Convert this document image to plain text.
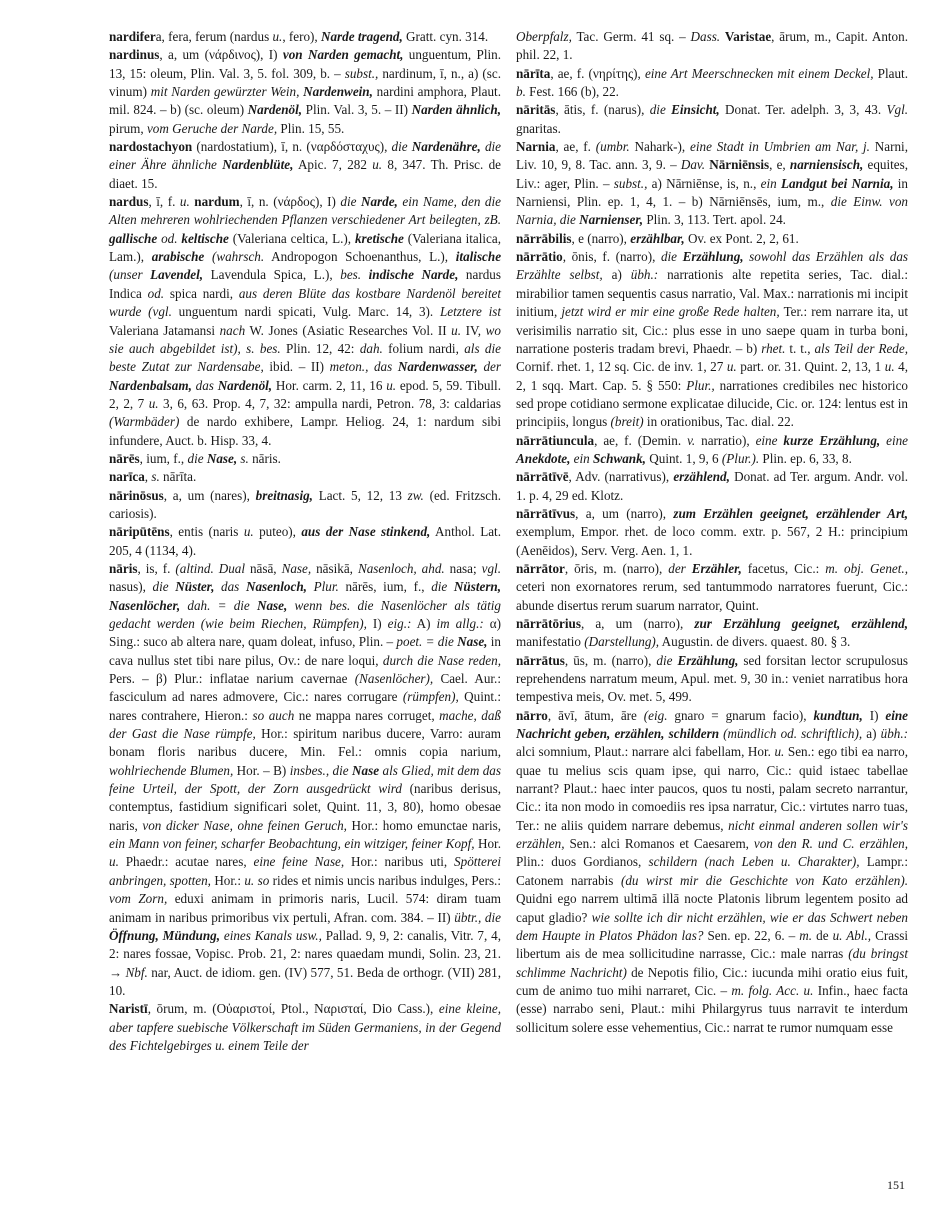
nardifera, fera, ferum (nardus u., fero), Narde tragend, Gratt. cyn. 314.

nardinus, a, um (νάρδινος), I) von Narden gemacht, unguentum, Plin. 13, 15: oleum, Plin. Val. 3, 5. fol. 309, b. – subst., nardinum, ī, n., a) (sc. vinum) mit Narden gewürzter Wein, Nardenwein, nardini amphora, Plaut. mil. 824. – b) (sc. oleum) Nardenöl, Plin. Val. 3, 5. – II) Narden ähnlich, pirum, vom Geruche der Narde, Plin. 15, 55.

nardostachyon (nardostatium), ī, n. (ναρδόσταχυς), die Nardenähre, die einer Ähre ähnliche Nardenblüte, Apic. 7, 282 u. 8, 347. Th. Prisc. de diaet. 15.

nardus, ī, f. u. nardum, ī, n. (νάρδος), I) die Narde, ein Name, den die Alten mehreren wohlriechenden Pflanzen verschiedener Art beilegten, zB. gallische od. keltische (Valeriana celtica, L.), kretische (Valeriana italica, Lam.), arabische (wahrsch. Andropogon Schoenanthus, L.), italische (unser Lavendel, Lavendula Spica, L.), bes. indische Narde, nardus Indica od. spica nardi, aus deren Blüte das kostbare Nardenöl bereitet wurde (vgl. unguentum nardi spicati, Vulg. Marc. 14, 3). Letztere ist Valeriana Jatamansi nach W. Jones (Asiatic Researches Vol. II u. IV, wo sie auch abgebildet ist), s. bes. Plin. 12, 42: dah. folium nardi, als die beste Zutat zur Nardensabe, ibid. – II) meton., das Nardenwasser, der Nardenbalsam, das Nardenöl, Hor. carm. 2, 11, 16 u. epod. 5, 59. Tibull. 2, 2, 7 u. 3, 6, 63. Prop. 4, 7, 32: ampulla nardi, Petron. 78, 3: caldarias (Warmbäder) de nardo exhibere, Lampr. Heliog. 24, 1: nardum sibi infundere, Auct. b. Hisp. 33, 4.

nārēs, ium, f., die Nase, s. nāris.

narīca, s. nārīta.

nārinōsus, a, um (nares), breitnasig, Lact. 5, 12, 13 zw. (ed. Fritzsch. cariosis).

nāripūtēns, entis (naris u. puteo), aus der Nase stinkend, Anthol. Lat. 205, 4 (1134, 4).

nāris, is, f. (altind. Dual nāsā, Nase, nāsikā, Nasenloch, ahd. nasa; vgl. nasus), die Nüster, das Nasenloch, Plur. nārēs, ium, f., die Nüstern, Nasenlöcher, dah. = die Nase, wenn bes. die Nasenlöcher als tätig gedacht werden (wie beim Riechen, Rümpfen), I) eig.: A) im allg.: α) Sing.: suco ab altera nare, quam doleat, infuso, Plin. – poet. = die Nase, in cava nullus stet tibi nare pilus, Ov.: de nare loqui, durch die Nase reden, Pers. – β) Plur.: inflatae narium cavernae (Nasenlöcher), Cael. Aur.: fasciculum ad nares admovere, Cic.: nares corrugare (rümpfen), Quint.: nares contrahere, Hieron.: so auch ne mappa nares corruget, mache, daß der Gast die Nase rümpfe, Hor.: spiritum naribus ducere, Varro: auram bonam floris naribus ducere, Min. Fel.: omnis copia narium, wohlriechende Blumen, Hor. – B) insbes., die Nase als Glied, mit dem das feine Urteil, der Spott, der Zorn ausgedrückt wird (naribus derisus, contemptus, fastidium significari solet, Quint. 11, 3, 80), homo obesae naris, von dicker Nase, ohne feinen Geruch, Hor.: homo emunctae naris, ein Mann von feiner, scharfer Beobachtung, ein witziger, feiner Kopf, Hor. u. Phaedr.: acutae nares, eine feine Nase, Hor.: naribus uti, Spötterei anbringen, spotten, Hor.: u. so rides et nimis uncis naribus indulges, Pers.: vom Zorn, eduxi animam in primoris naris, Lucil. 574: diram tuam animam in naribus primoribus vix pertuli, Afran. com. 384. – II) übtr., die Öffnung, Mündung, eines Kanals usw., Pallad. 9, 9, 2: canalis, Vitr. 7, 4, 2: nares fossae, Vopisc. Prob. 21, 2: nares quaedam mundi, Solin. 23, 21. → Nbf. nar, Auct. de idiom. gen. (IV) 577, 51. Beda de orthogr. (VII) 281, 10.

Naristī, ōrum, m. (Οὐαριστοί, Ptol., Ναρισταί, Dio Cass.), eine kleine, aber tapfere suebische Völkerschaft im Süden Germaniens, in der Gegend des Fichtelgebirges u. einem Teile der

Oberpfalz, Tac. Germ. 41 sq. – Dass. Varistae, ārum, m., Capit. Anton. phil. 22, 1.

nārīta, ae, f. (νηρίτης), eine Art Meerschnecken mit einem Deckel, Plaut. b. Fest. 166 (b), 22.

nāritās, ātis, f. (narus), die Einsicht, Donat. Ter. adelph. 3, 3, 43. Vgl. gnaritas.

Narnia, ae, f. (umbr. Nahark-), eine Stadt in Umbrien am Nar, j. Narni, Liv. 10, 9, 8. Tac. ann. 3, 9. – Dav. Nārniēnsis, e, narniensisch, equites, Liv.: ager, Plin. – subst., a) Nārniēnse, is, n., ein Landgut bei Narnia, in Narniensi, Plin. ep. 1, 4, 1. – b) Nārniēnsēs, ium, m., die Einw. von Narnia, die Narnienser, Plin. 3, 113. Tert. apol. 24.

nārrābilis, e (narro), erzählbar, Ov. ex Pont. 2, 2, 61.

nārrātio, ōnis, f. (narro), die Erzählung, sowohl das Erzählen als das Erzählte selbst, a) übh.: narrationis alte repetita series, Tac. dial.: mirabilior tamen sequentis casus narratio, Val. Max.: narrationis mi incipit initium, jetzt wird er mir eine große Rede halten, Ter.: rem narrare ita, ut verisimilis narratio sit, Cic.: plus esse in uno saepe quam in turba boni, narratione posteris tradam brevi, Phaedr. – b) rhet. t. t., als Teil der Rede, Cornif. rhet. 1, 12 sq. Cic. de inv. 1, 27 u. part. or. 31. Quint. 2, 13, 1 u. 4, 2, 1 sqq. Mart. Cap. 5. § 550: Plur., narrationes credibiles nec historico sed prope cotidiano sermone explicatae dilucide, Cic. or. 124: lentus est in principiis, longus (breit) in orationibus, Tac. dial. 22.

nārrātiuncula, ae, f. (Demin. v. narratio), eine kurze Erzählung, eine Anekdote, ein Schwank, Quint. 1, 9, 6 (Plur.). Plin. ep. 6, 33, 8.

nārrātīvē, Adv. (narrativus), erzählend, Donat. ad Ter. argum. Andr. vol. 1. p. 4, 29 ed. Klotz.

nārrātīvus, a, um (narro), zum Erzählen geeignet, erzählender Art, exemplum, Empor. rhet. de loco comm. extr. p. 567, 2 H.: principium (Aenēidos), Serv. Verg. Aen. 1, 1.

nārrātor, ōris, m. (narro), der Erzähler, facetus, Cic.: m. obj. Genet., ceteri non exornatores rerum, sed tantummodo narratores fuerunt, Cic.: abunde disertus rerum suarum narrator, Quint.

nārrātōrius, a, um (narro), zur Erzählung geeignet, erzählend, manifestatio (Darstellung), Augustin. de divers. quaest. 80. § 3.

nārrātus, ūs, m. (narro), die Erzählung, sed forsitan lector scrupulosus reprehendens narratum meum, Apul. met. 9, 30 in.: veniet narratibus hora tempestiva meis, Ov. met. 5, 499.

nārro, āvī, ātum, āre (eig. gnaro = gnarum facio), kundtun, I) eine Nachricht geben, erzählen, schildern (mündlich od. schriftlich), a) übh.: alci somnium, Plaut.: narrare alci fabellam, Hor. u. Sen.: ego tibi ea narro, quae tu melius scis quam ipse, qui narro, Cic.: quid istaec tabellae narrant? Plaut.: haec inter paucos, quos tu nosti, palam secreto narrantur, Cic.: ita non modo in comoediis res ipsa narratur, Cic.: virtutes narro tuas, Ter.: ne aliis quidem narrare debemus, nicht einmal anderen sollen wir's erzählen, Sen.: alci Romanos et Caesarem, von den R. und C. erzählen, Plin.: duos Gordianos, schildern (nach Leben u. Charakter), Lampr.: Catonem narrabis (du wirst mir die Geschichte von Kato erzählen). Quidni ego narrem ultimā illā nocte Platonis librum legentem posito ad caput gladio? wie sollte ich dir nicht erzählen, wie er das Schwert neben dem Haupte in Platos Phädon las? Sen. ep. 22, 6. – m. de u. Abl., Crassi libertum ais de mea sollicitudine narrasse, Cic.: male narras (du bringst schlimme Nachricht) de Nepotis filio, Cic.: iucunda mihi oratio eius fuit, cum de animo tuo mihi narraret, Cic. – m. folg. Acc. u. Infin., haec facta (esse) narrabo seni, Plaut.: mihi Philargyrus tuus narravit te interdum sollicitum solere esse vehementius, Cic.: narrat te rumor numquam esse

151
